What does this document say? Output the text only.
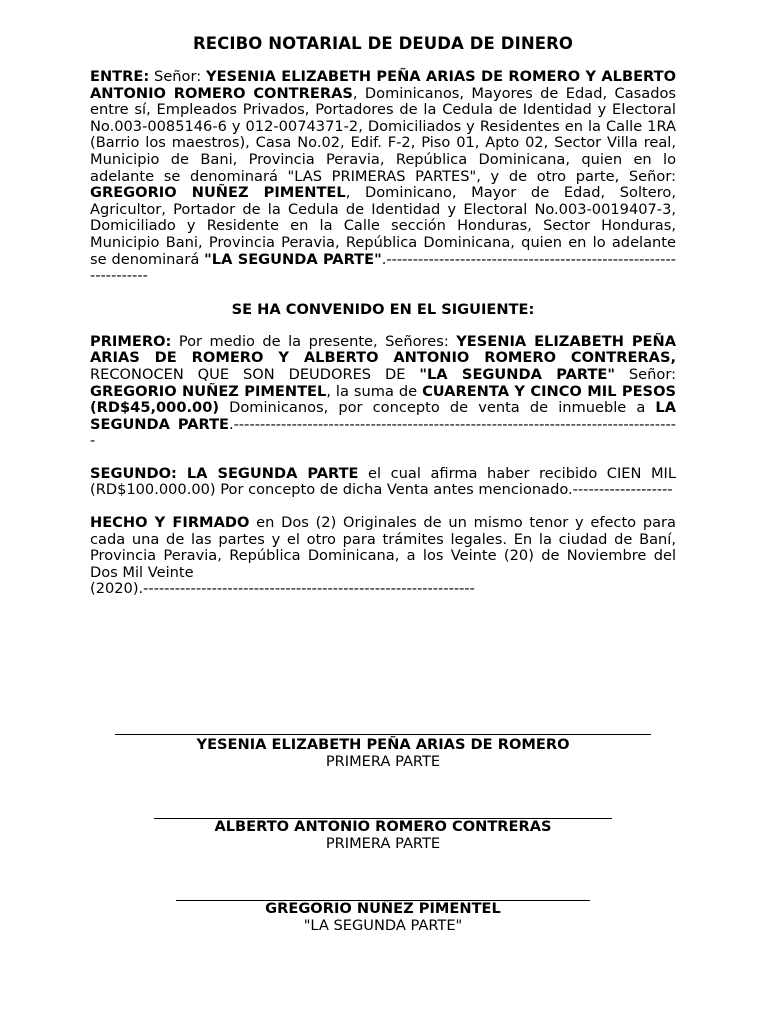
RECIBO NOTARIAL DE DEUDA DE DINERO

ENTRE: Señor: YESENIA ELIZABETH PEÑA ARIAS DE ROMERO Y ALBERTO ANTONIO ROMERO CONTRERAS, Dominicanos, Mayores de Edad, Casados entre sí, Empleados Privados, Portadores de la Cedula de Identidad y Electoral No.003-0085146-6 y 012-0074371-2, Domiciliados y Residentes en la Calle 1RA (Barrio los maestros), Casa No.02, Edif. F-2, Piso 01, Apto 02, Sector Villa real, Municipio de Bani, Provincia Peravia, República Dominicana, quien en lo adelante se denominará "LAS PRIMERAS PARTES", y de otro parte, Señor: GREGORIO NUÑEZ PIMENTEL, Dominicano, Mayor de Edad, Soltero, Agricultor, Portador de la Cedula de Identidad y Electoral No.003-0019407-3, Domiciliado y Residente en la Calle sección Honduras, Sector Honduras, Municipio Bani, Provincia Peravia, República Dominicana, quien en lo adelante se denominará "LA SEGUNDA PARTE".------------------------------------------------------------------

SE HA CONVENIDO EN EL SIGUIENTE:

PRIMERO: Por medio de la presente, Señores: YESENIA ELIZABETH PEÑA ARIAS DE ROMERO Y ALBERTO ANTONIO ROMERO CONTRERAS, RECONOCEN QUE SON DEUDORES DE "LA SEGUNDA PARTE" Señor: GREGORIO NUÑEZ PIMENTEL, la suma de CUARENTA Y CINCO MIL PESOS (RD$45,000.00) Dominicanos, por concepto de venta de inmueble a LA SEGUNDA PARTE.-------------------------------------------------------------------------------------

SEGUNDO: LA SEGUNDA PARTE el cual afirma haber recibido CIEN MIL (RD$100.000.00) Por concepto de dicha Venta antes mencionado.-------------------

HECHO Y FIRMADO en Dos (2) Originales de un mismo tenor y efecto para cada una de las partes y el otro para trámites legales. En la ciudad de Baní, Provincia Peravia, República Dominicana, a los Veinte (20) de Noviembre del Dos Mil Veinte

(2020).---------------------------------------------------------------

YESENIA ELIZABETH PEÑA ARIAS DE ROMERO
PRIMERA PARTE
ALBERTO ANTONIO ROMERO CONTRERAS
PRIMERA PARTE
GREGORIO NUÑEZ PIMENTEL
"LA SEGUNDA PARTE"
